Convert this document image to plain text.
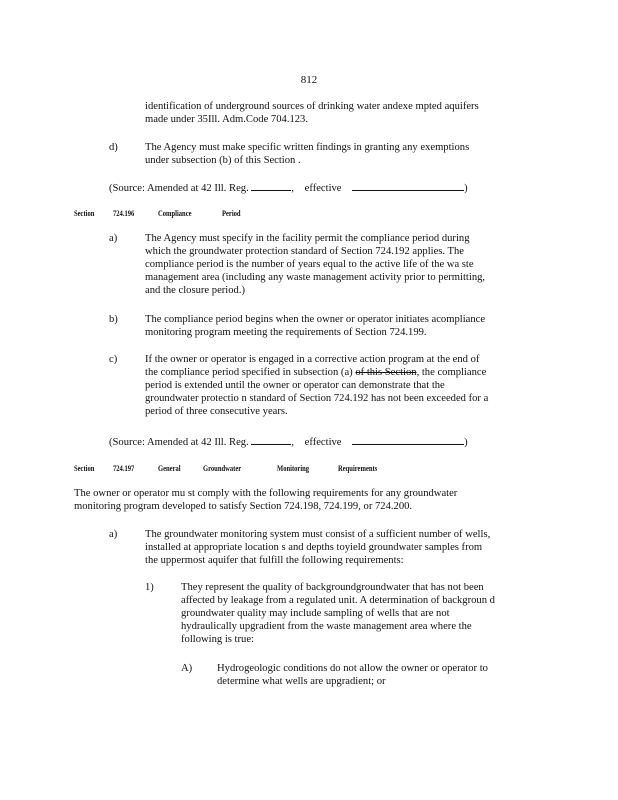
812
identification of underground sources of drinking water andexe mpted aquifers
made under 35Ill. Adm.Code 704.123.
d)	The Agency must make specific written findings in granting any exemptions
under subsection (b) of this Section .
(Source: Amended at 42 Ill. Reg.	, effective	)
Section 724.196	Compliance	Period
a)	The Agency must specify in the facility permit the compliance period during
which the groundwater protection standard of Section 724.192 applies. The
compliance period is the number of years equal to the active life of the wa ste
management area (including any waste management activity prior to permitting,
and the closure period.)
b)	The compliance period begins when the owner or operator initiates acompliance
monitoring program meeting the requirements of Section 724.199.
c)	If the owner or operator is engaged in a corrective action program at the end of
the compliance period specified in subsection (a) of this Section, the compliance
period is extended until the owner or operator can demonstrate that the
groundwater protectio n standard of Section 724.192 has not been exceeded for a
period of three consecutive years.
(Source: Amended at 42 Ill. Reg.	, effective	)
Section 724.197	General	Groundwater	Monitoring	Requirements
The owner or operator mu st comply with the following requirements for any groundwater
monitoring program developed to satisfy Section 724.198, 724.199, or 724.200.
a)	The groundwater monitoring system must consist of a sufficient number of wells,
installed at appropriate location s and depths toyield groundwater samples from
the uppermost aquifer that fulfill the following requirements:
1)	They represent the quality of backgroundgroundwater that has not been
affected by leakage from a regulated unit. A determination of backgroun d
groundwater quality may include sampling of wells that are not
hydraulically upgradient from the waste management area where the
following is true:
A) Hydrogeologic conditions do not allow the owner or operator to
determine what wells are upgradient; or
